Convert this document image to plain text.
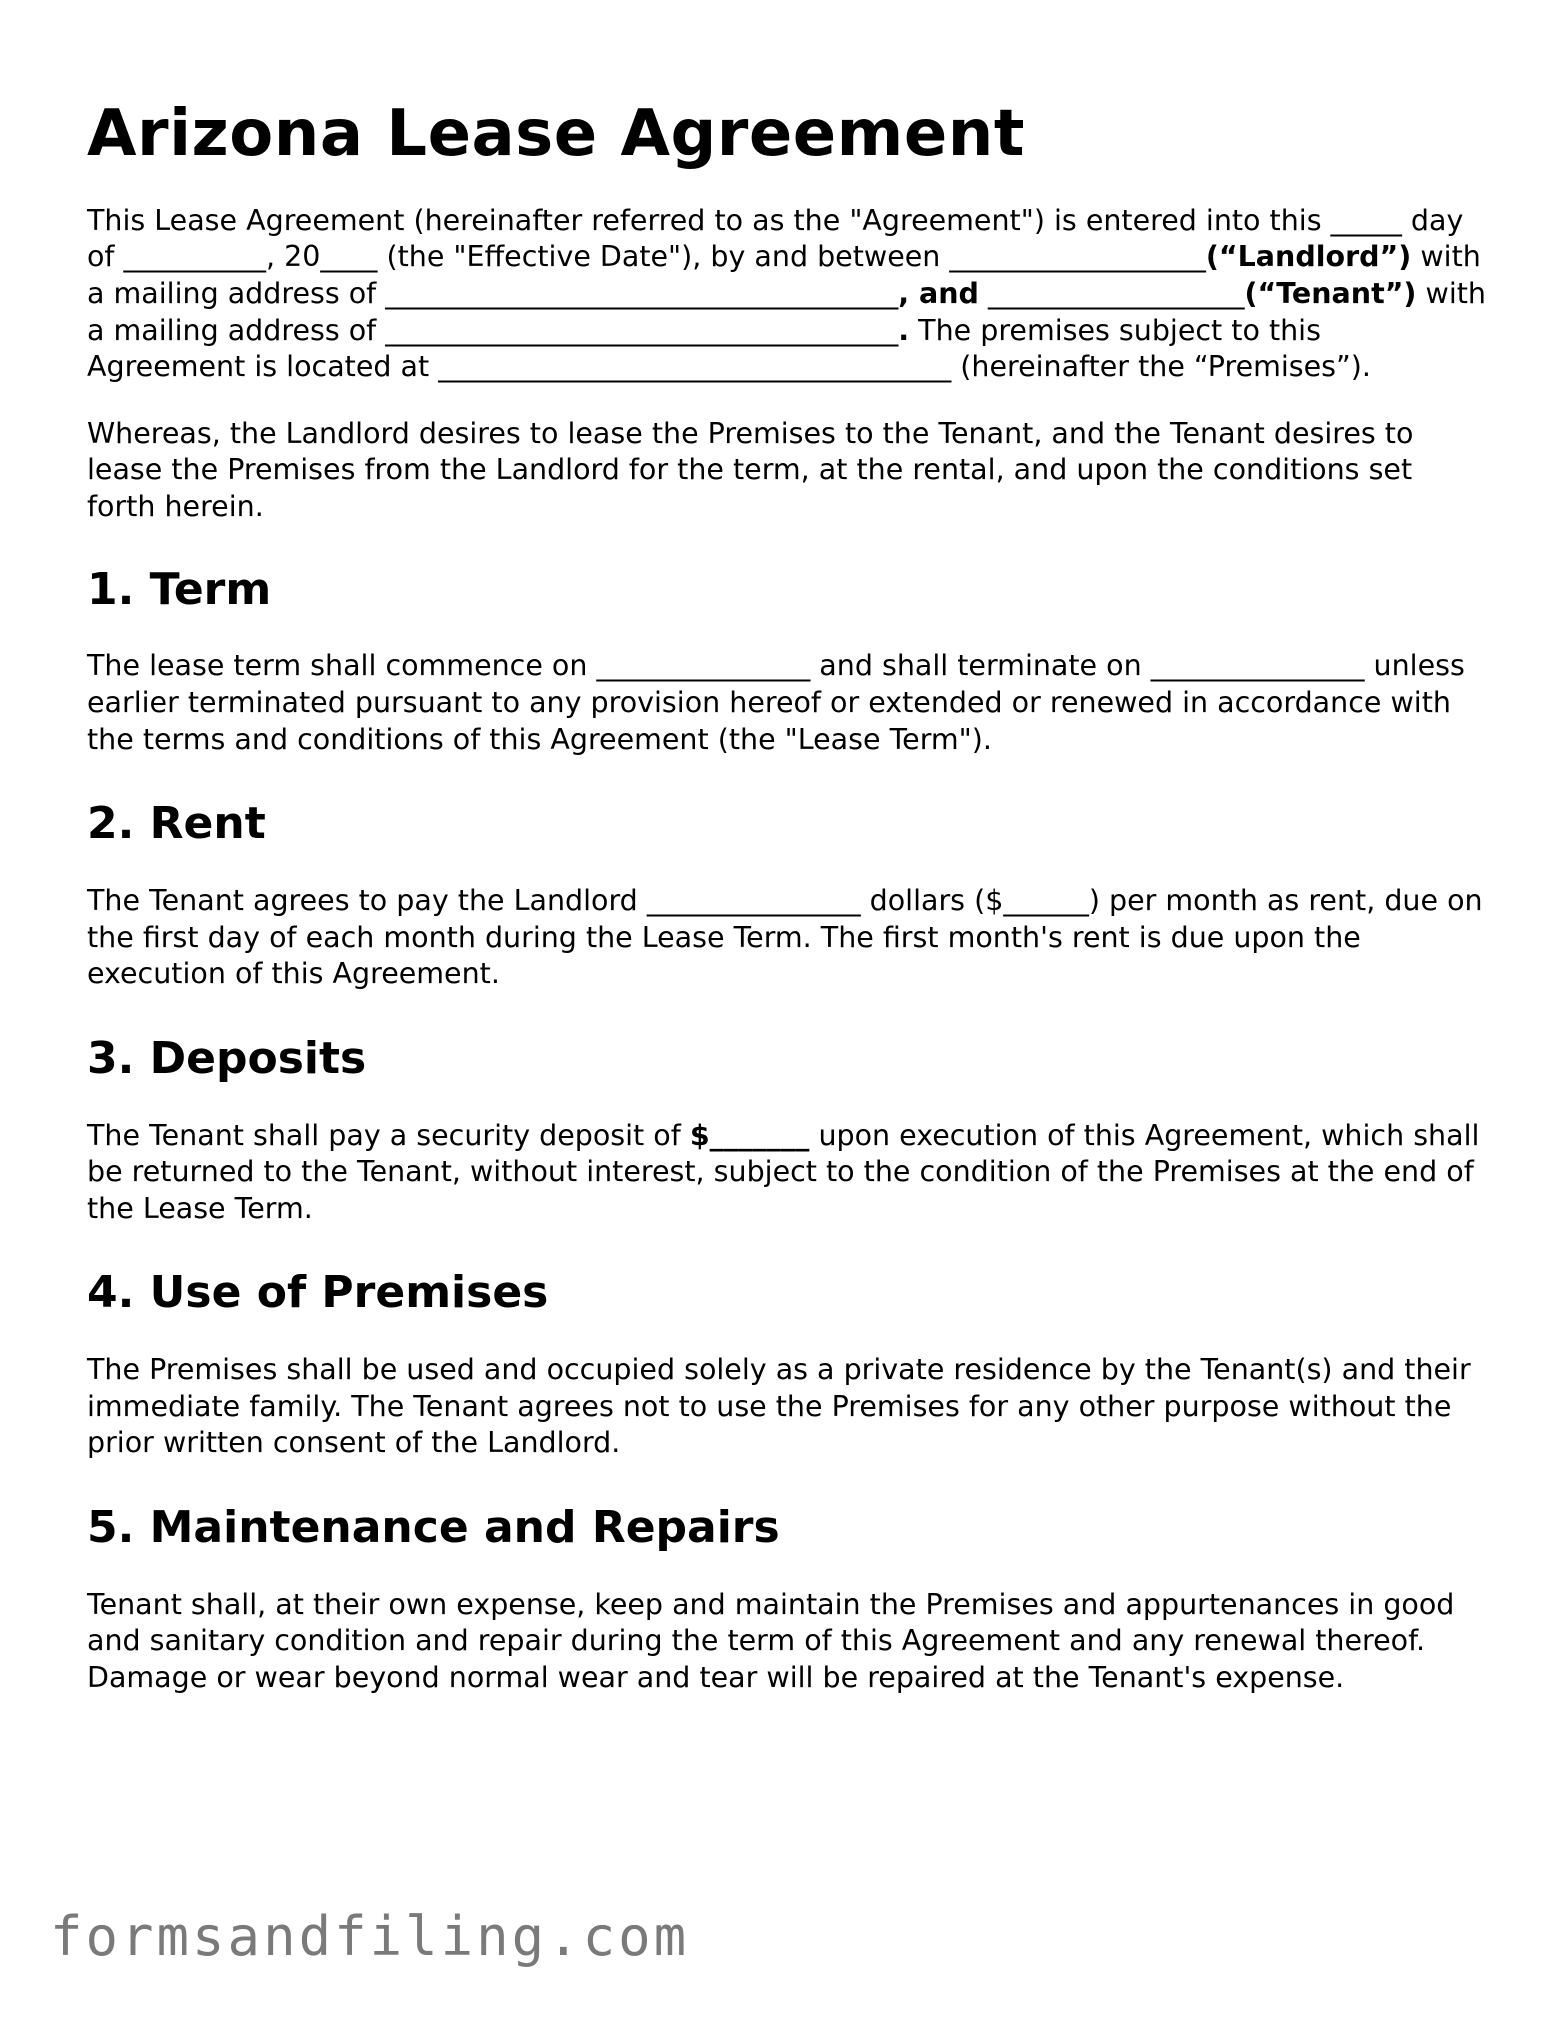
Arizona Lease Agreement

This Lease Agreement (hereinafter referred to as the "Agreement") is entered into this _____ day of __________, 20____ (the "Effective Date"), by and between __________________(“Landlord”) with a mailing address of ____________________________________, and __________________(“Tenant”) with a mailing address of ____________________________________. The premises subject to this Agreement is located at ____________________________________ (hereinafter the “Premises”).

Whereas, the Landlord desires to lease the Premises to the Tenant, and the Tenant desires to lease the Premises from the Landlord for the term, at the rental, and upon the conditions set forth herein.

1. Term

The lease term shall commence on _______________ and shall terminate on _______________ unless earlier terminated pursuant to any provision hereof or extended or renewed in accordance with the terms and conditions of this Agreement (the "Lease Term").

2. Rent

The Tenant agrees to pay the Landlord _______________ dollars ($______) per month as rent, due on the first day of each month during the Lease Term. The first month's rent is due upon the execution of this Agreement.

3. Deposits

The Tenant shall pay a security deposit of $_______ upon execution of this Agreement, which shall be returned to the Tenant, without interest, subject to the condition of the Premises at the end of the Lease Term.

4. Use of Premises

The Premises shall be used and occupied solely as a private residence by the Tenant(s) and their immediate family. The Tenant agrees not to use the Premises for any other purpose without the prior written consent of the Landlord.

5. Maintenance and Repairs

Tenant shall, at their own expense, keep and maintain the Premises and appurtenances in good and sanitary condition and repair during the term of this Agreement and any renewal thereof. Damage or wear beyond normal wear and tear will be repaired at the Tenant's expense.

formsandfiling.com
